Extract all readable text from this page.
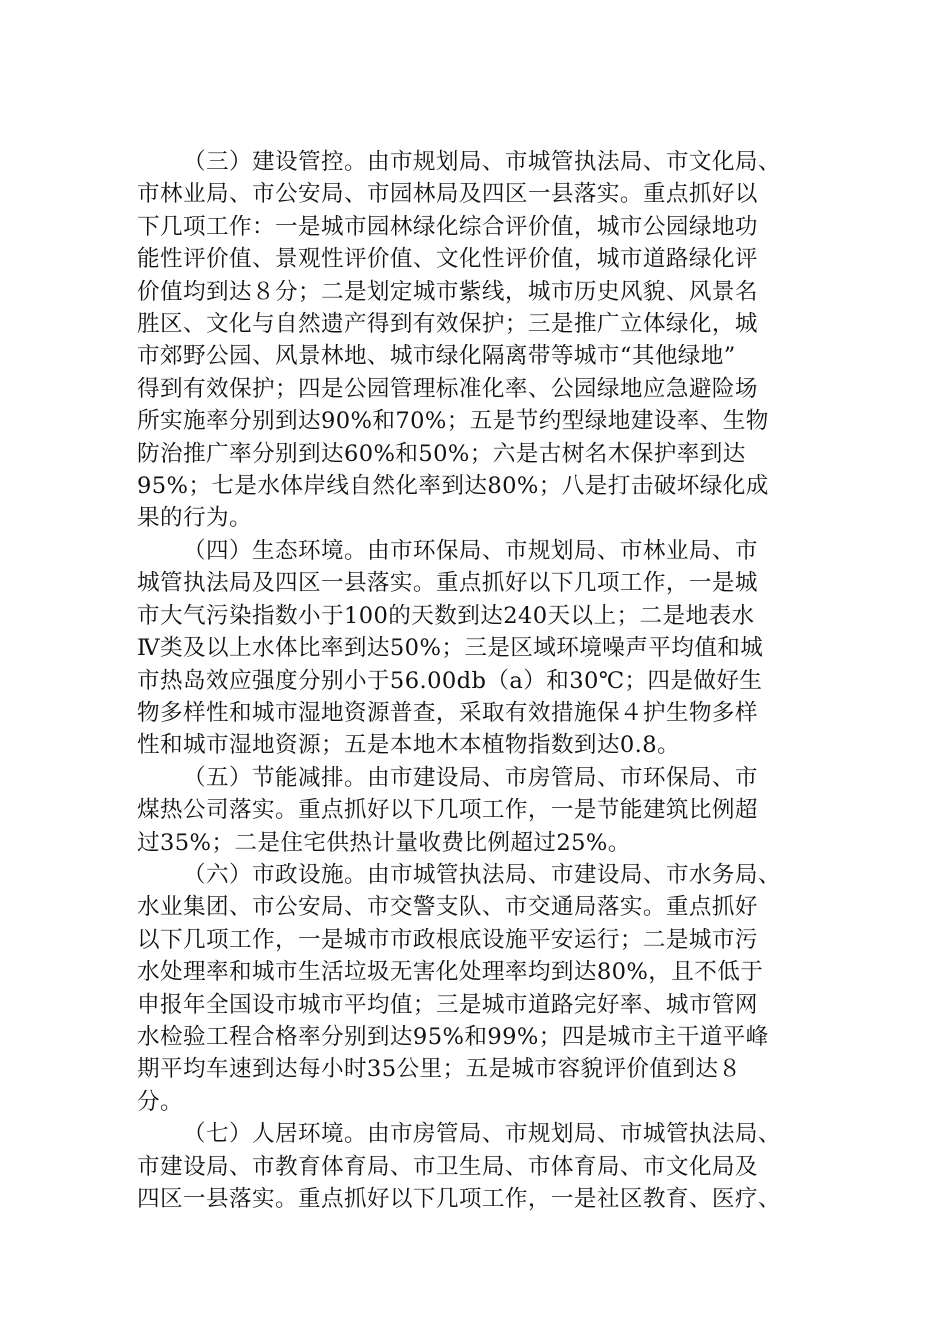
（三）建设管控。由市规划局、市城管执法局、市文化局、
市林业局、市公安局、市园林局及四区一县落实。重点抓好以
下几项工作：一是城市园林绿化综合评价值，城市公园绿地功
能性评价值、景观性评价值、文化性评价值，城市道路绿化评
价值均到达８分；二是划定城市紫线，城市历史风貌、风景名
胜区、文化与自然遗产得到有效保护；三是推广立体绿化，城
市郊野公园、风景林地、城市绿化隔离带等城市“其他绿地”
得到有效保护；四是公园管理标准化率、公园绿地应急避险场
所实施率分别到达90%和70%；五是节约型绿地建设率、生物
防治推广率分别到达60%和50%；六是古树名木保护率到达
95%；七是水体岸线自然化率到达80%；八是打击破坏绿化成
果的行为。

（四）生态环境。由市环保局、市规划局、市林业局、市
城管执法局及四区一县落实。重点抓好以下几项工作，一是城
市大气污染指数小于100的天数到达240天以上；二是地表水
Ⅳ类及以上水体比率到达50%；三是区域环境噪声平均值和城
市热岛效应强度分别小于56.00db（a）和30℃；四是做好生
物多样性和城市湿地资源普查，采取有效措施保４护生物多样
性和城市湿地资源；五是本地木本植物指数到达0.8。

（五）节能减排。由市建设局、市房管局、市环保局、市
煤热公司落实。重点抓好以下几项工作，一是节能建筑比例超
过35%；二是住宅供热计量收费比例超过25%。

（六）市政设施。由市城管执法局、市建设局、市水务局、
水业集团、市公安局、市交警支队、市交通局落实。重点抓好
以下几项工作，一是城市市政根底设施平安运行；二是城市污
水处理率和城市生活垃圾无害化处理率均到达80%，且不低于
申报年全国设市城市平均值；三是城市道路完好率、城市管网
水检验工程合格率分别到达95%和99%；四是城市主干道平峰
期平均车速到达每小时35公里；五是城市容貌评价值到达８
分。

（七）人居环境。由市房管局、市规划局、市城管执法局、
市建设局、市教育体育局、市卫生局、市体育局、市文化局及
四区一县落实。重点抓好以下几项工作，一是社区教育、医疗、
